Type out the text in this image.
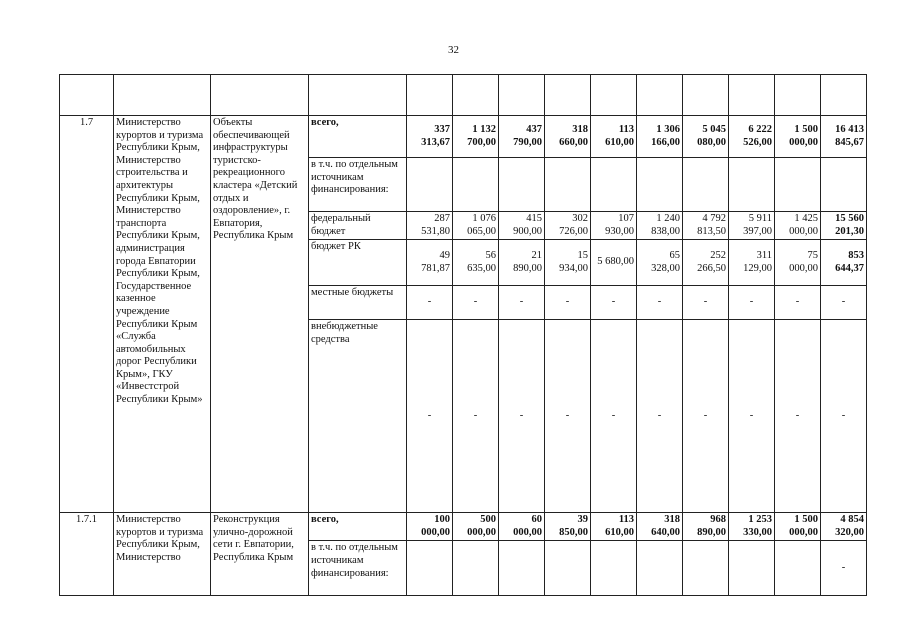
32

1.7	Министерство курортов и туризма Республики Крым, Министерство строительства и архитектуры Республики Крым, Министерство транспорта Республики Крым, администрация города Евпатории Республики Крым, Государственное казенное учреждение Республики Крым «Служба автомобильных дорог Республики Крым», ГКУ «Инвестстрой Республики Крым»	Объекты обеспечивающей инфраструктуры туристско-рекреационного кластера «Детский отдых и оздоровление», г. Евпатория, Республика Крым	всего,	337 313,67	1 132 700,00	437 790,00	318 660,00	113 610,00	1 306 166,00	5 045 080,00	6 222 526,00	1 500 000,00	16 413 845,67
			в т.ч. по отдельным источникам финансирования:										
			федеральный бюджет	287 531,80	1 076 065,00	415 900,00	302 726,00	107 930,00	1 240 838,00	4 792 813,50	5 911 397,00	1 425 000,00	15 560 201,30
			бюджет РК	49 781,87	56 635,00	21 890,00	15 934,00	5 680,00	65 328,00	252 266,50	311 129,00	75 000,00	853 644,37
			местные бюджеты	-	-	-	-	-	-	-	-	-	-
			внебюджетные средства	-	-	-	-	-	-	-	-	-	-
1.7.1	Министерство курортов и туризма Республики Крым, Министерство	Реконструкция улично-дорожной сети г. Евпатории, Республика Крым	всего,	100 000,00	500 000,00	60 000,00	39 850,00	113 610,00	318 640,00	968 890,00	1 253 330,00	1 500 000,00	4 854 320,00
			в т.ч. по отдельным источникам финансирования:										-
